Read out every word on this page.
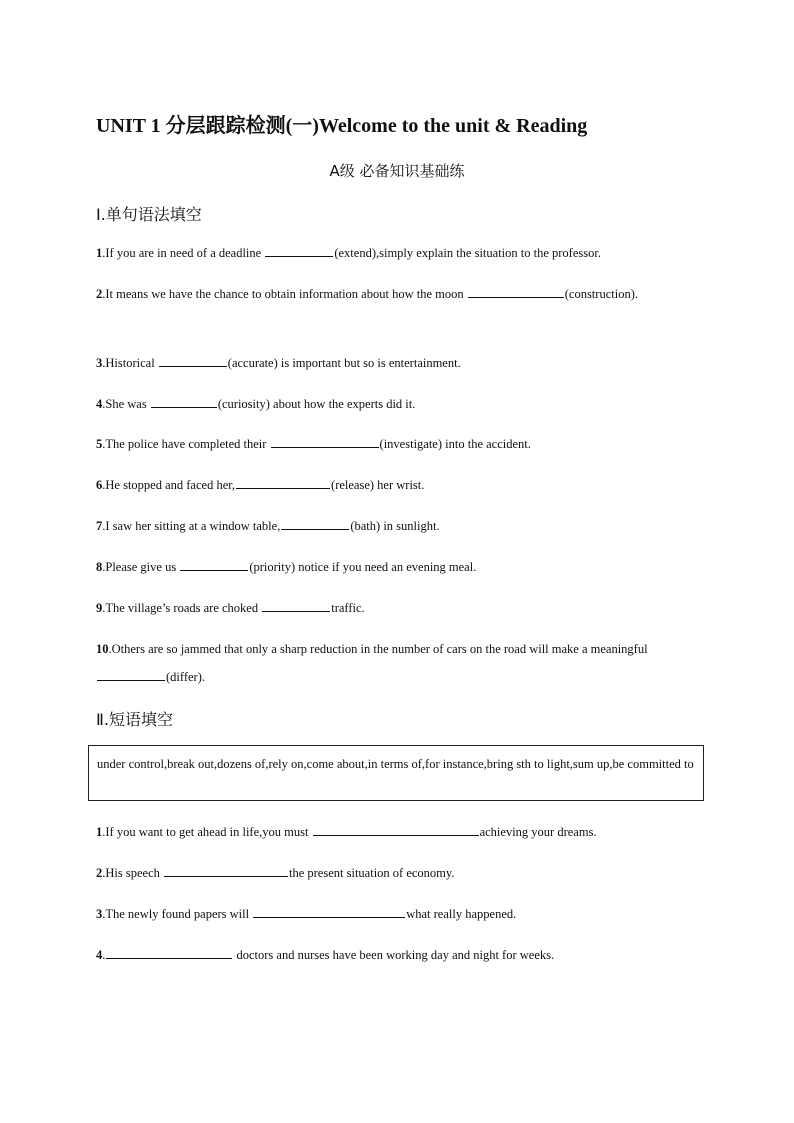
UNIT 1 分层跟踪检测(一)Welcome to the unit & Reading
A级 必备知识基础练
Ⅰ.单句语法填空
1.If you are in need of a deadline	(extend),simply explain the situation to the professor.
2.It means we have the chance to obtain information about how the moon	(construction).
3.Historical	(accurate) is important but so is entertainment.
4.She was	(curiosity) about how the experts did it.
5.The police have completed their	(investigate) into the accident.
6.He stopped and faced her,	(release) her wrist.
7.I saw her sitting at a window table,	(bath) in sunlight.
8.Please give us	(priority) notice if you need an evening meal.
9.The village’s roads are choked	traffic.
10.Others are so jammed that only a sharp reduction in the number of cars on the road will make a meaningful (differ).
Ⅱ.短语填空
under control,break out,dozens of,rely on,come about,in terms of,for instance,bring sth to light,sum up,be committed to
1.If you want to get ahead in life,you must	achieving your dreams.
2.His speech	the present situation of economy.
3.The newly found papers will	what really happened.
4.	doctors and nurses have been working day and night for weeks.
